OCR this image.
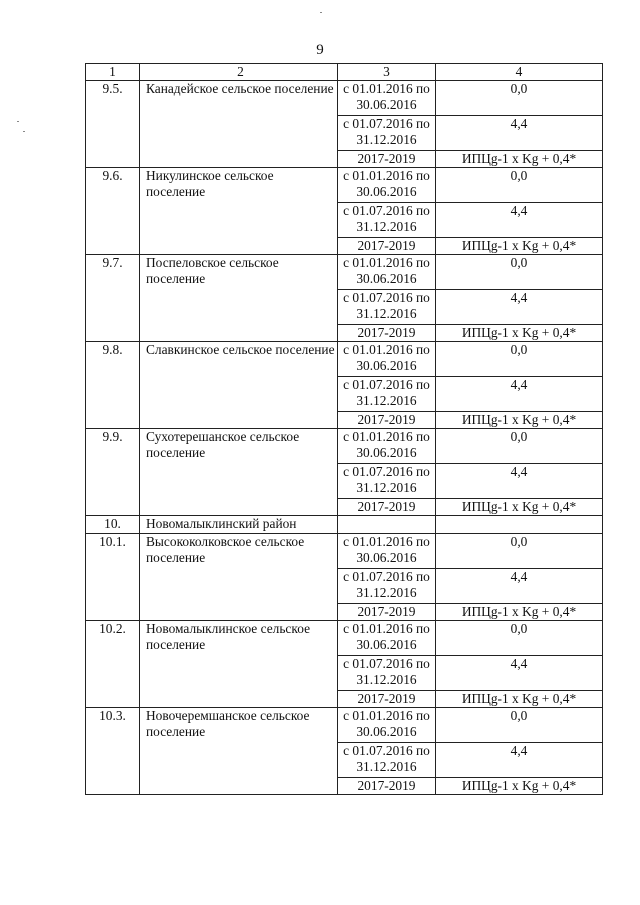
9
1	2	3	4
9.5.	Канадейское сельское поселение	с 01.01.2016 по 30.06.2016	0,0
		с 01.07.2016 по 31.12.2016	4,4
		2017-2019	ИПЦg-1 х Kg + 0,4*
9.6.	Никулинское сельское поселение	с 01.01.2016 по 30.06.2016	0,0
		с 01.07.2016 по 31.12.2016	4,4
		2017-2019	ИПЦg-1 х Kg + 0,4*
9.7.	Поспеловское сельское поселение	с 01.01.2016 по 30.06.2016	0,0
		с 01.07.2016 по 31.12.2016	4,4
		2017-2019	ИПЦg-1 х Kg + 0,4*
9.8.	Славкинское сельское поселение	с 01.01.2016 по 30.06.2016	0,0
		с 01.07.2016 по 31.12.2016	4,4
		2017-2019	ИПЦg-1 х Kg + 0,4*
9.9.	Сухотерешанское сельское поселение	с 01.01.2016 по 30.06.2016	0,0
		с 01.07.2016 по 31.12.2016	4,4
		2017-2019	ИПЦg-1 х Kg + 0,4*
10.	Новомалыклинский район		
10.1.	Высококолковское сельское поселение	с 01.01.2016 по 30.06.2016	0,0
		с 01.07.2016 по 31.12.2016	4,4
		2017-2019	ИПЦg-1 х Kg + 0,4*
10.2.	Новомалыклинское сельское поселение	с 01.01.2016 по 30.06.2016	0,0
		с 01.07.2016 по 31.12.2016	4,4
		2017-2019	ИПЦg-1 х Kg + 0,4*
10.3.	Новочеремшанское сельское поселение	с 01.01.2016 по 30.06.2016	0,0
		с 01.07.2016 по 31.12.2016	4,4
		2017-2019	ИПЦg-1 х Kg + 0,4*
